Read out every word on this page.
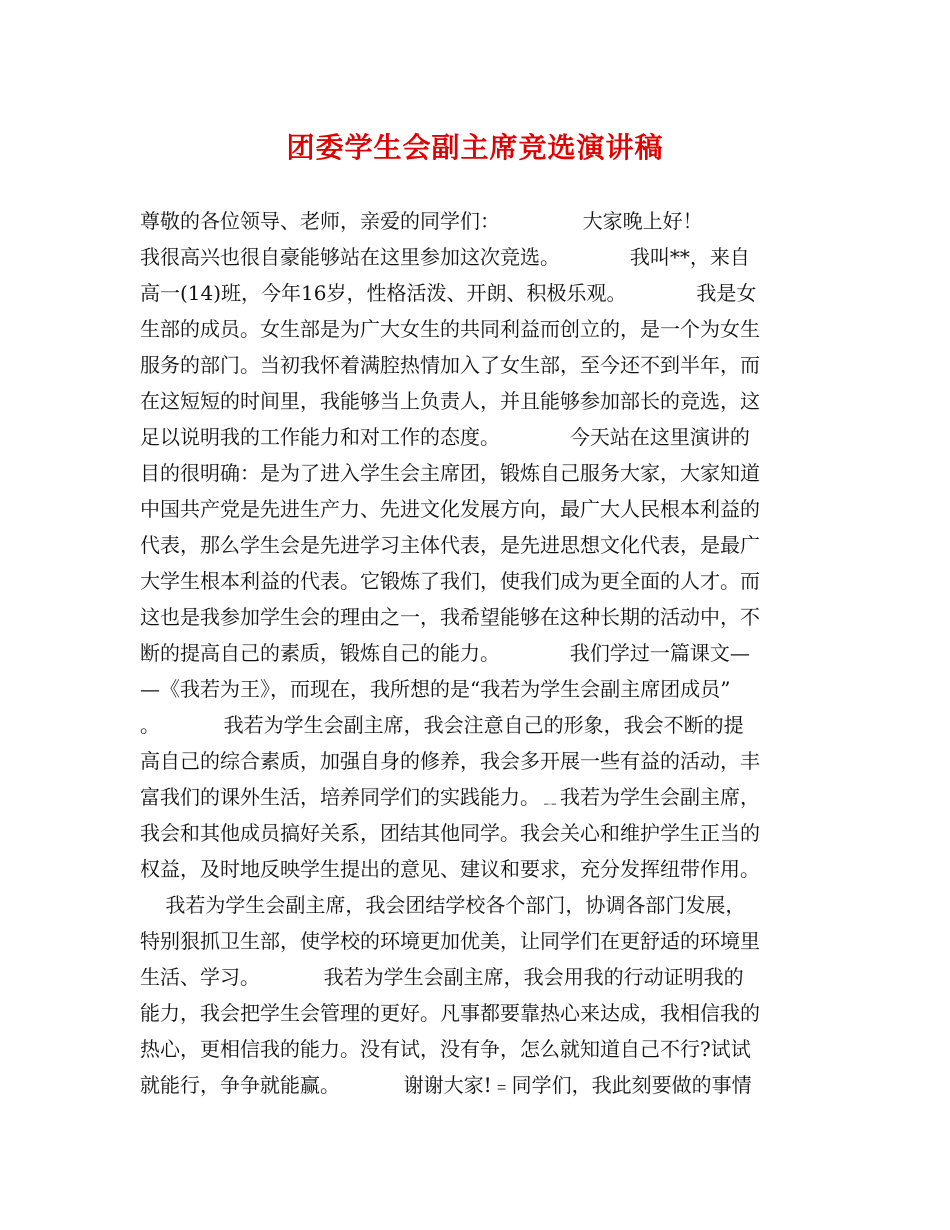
团委学生会副主席竞选演讲稿
尊敬的各位领导、老师，亲爱的同学们：             大家晚上好！
我很高兴也很自豪能够站在这里参加这次竞选。           我叫**，来自
高一(14)班，今年16岁，性格活泼、开朗、积极乐观。           我是女
生部的成员。女生部是为广大女生的共同利益而创立的，是一个为女生
服务的部门。当初我怀着满腔热情加入了女生部，至今还不到半年，而
在这短短的时间里，我能够当上负责人，并且能够参加部长的竞选，这
足以说明我的工作能力和对工作的态度。           今天站在这里演讲的
目的很明确：是为了进入学生会主席团，锻炼自己服务大家，大家知道
中国共产党是先进生产力、先进文化发展方向，最广大人民根本利益的
代表，那么学生会是先进学习主体代表，是先进思想文化代表，是最广
大学生根本利益的代表。它锻炼了我们，使我们成为更全面的人才。而
这也是我参加学生会的理由之一，我希望能够在这种长期的活动中，不
断的提高自己的素质，锻炼自己的能力。           我们学过一篇课文—
—《我若为王》，而现在，我所想的是“我若为学生会副主席团成员”
。          我若为学生会副主席，我会注意自己的形象，我会不断的提
高自己的综合素质，加强自身的修养，我会多开展一些有益的活动，丰
富我们的课外生活，培养同学们的实践能力。﹎我若为学生会副主席，
我会和其他成员搞好关系，团结其他同学。我会关心和维护学生正当的
权益，及时地反映学生提出的意见、建议和要求，充分发挥纽带作用。
我若为学生会副主席，我会团结学校各个部门，协调各部门发展，
特别狠抓卫生部，使学校的环境更加优美，让同学们在更舒适的环境里
生活、学习。          我若为学生会副主席，我会用我的行动证明我的
能力，我会把学生会管理的更好。凡事都要靠热心来达成，我相信我的
热心，更相信我的能力。没有试，没有争，怎么就知道自己不行?试试
就能行，争争就能赢。          谢谢大家!﹦同学们，我此刻要做的事情
